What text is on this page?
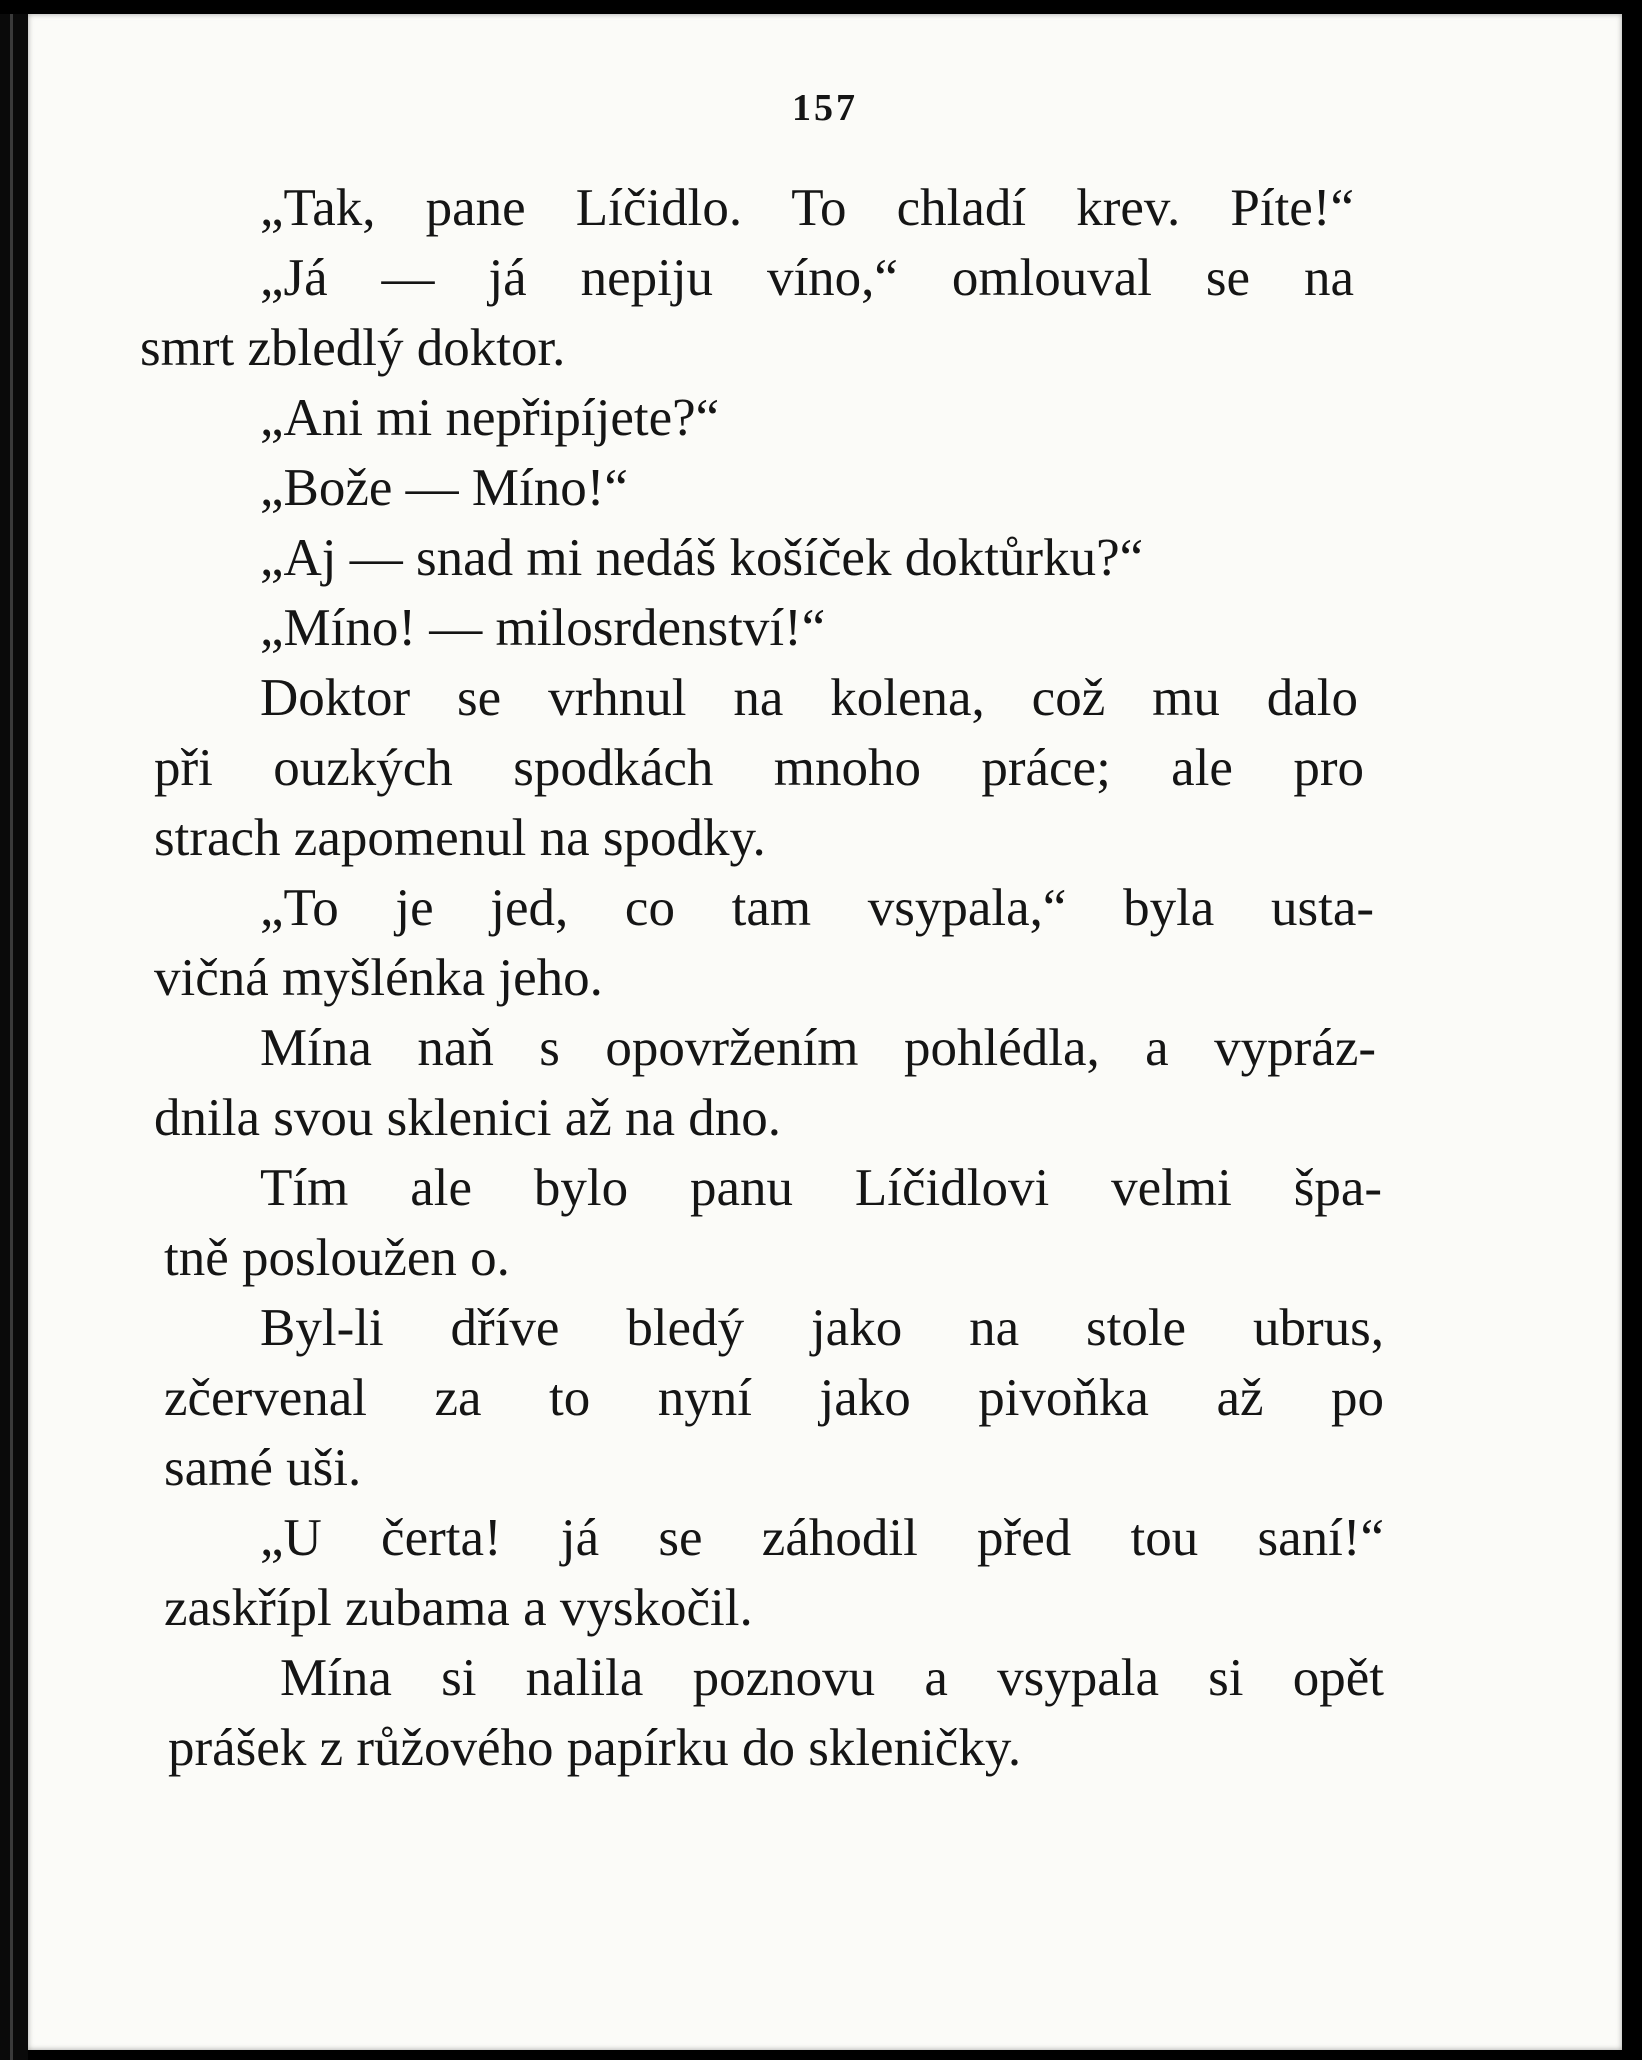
157
„Tak, pane Líčidlo. To chladí krev. Píte!“
„Já — já nepiju víno,“ omlouval se na
smrt zbledlý doktor.
„Ani mi nepřipíjete?“
„Bože — Míno!“
„Aj — snad mi nedáš košíček doktůrku?“
„Míno! — milosrdenství!“
Doktor se vrhnul na kolena, což mu dalo
při ouzkých spodkách mnoho práce; ale pro
strach zapomenul na spodky.
„To je jed, co tam vsypala,“ byla usta-
vičná myšlénka jeho.
Mína naň s opovržením pohlédla, a vypráz-
dnila svou sklenici až na dno.
Tím ale bylo panu Líčidlovi velmi špa-
tně posloužen o.
Byl-li dříve bledý jako na stole ubrus,
zčervenal za to nyní jako pivoňka až po
samé uši.
„U čerta! já se záhodil před tou saní!“
zaskřípl zubama a vyskočil.
Mína si nalila poznovu a vsypala si opět
prášek z růžového papírku do skleničky.
